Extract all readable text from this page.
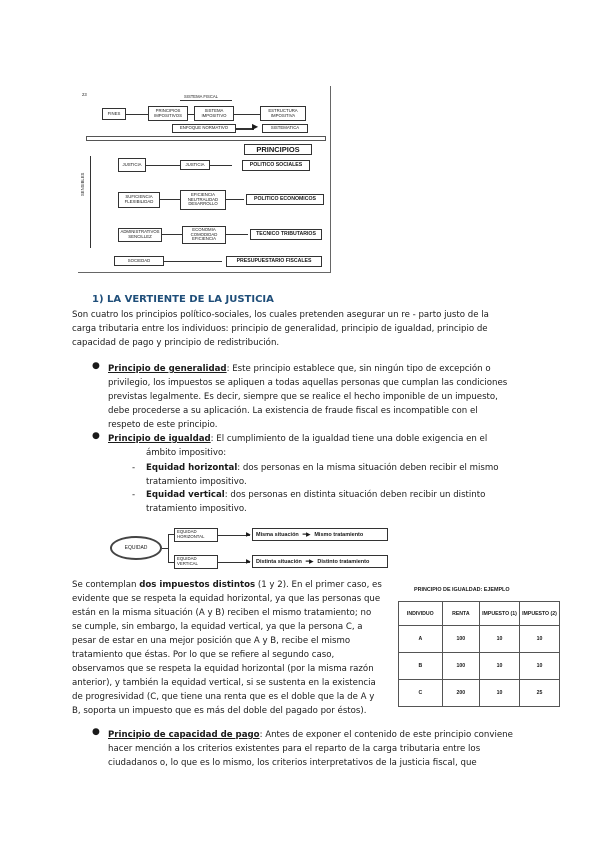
23	SISTEMA FISCAL
FINES
PRINCIPIOS IMPOSITIVOS
SISTEMA IMPOSITIVO
ESTRUCTURA IMPOSITIVA
ENFOQUE NORMATIVO	▶	SISTEMATICA
PRINCIPIOS
SENSIBLES
JUSTICIA	JUSTICIA	POLITICO SOCIALES
SUFICIENCIA FLEXIBILIDAD
EFICIENCIA NEUTRALIDAD DESARROLLO
POLITICO ECONOMICOS
ADMINISTRATIVOS SENCILLEZ
ECONOMIA COMODIDAD EFICIENCIA
TECNICO TRIBUTARIOS
SOCIEDAD	PRESUPUESTARIO FISCALES
1) LA VERTIENTE DE LA JUSTICIA
Son cuatro los principios político-sociales, los cuales pretenden asegurar un re - parto justo de la
carga tributaria entre los individuos: principio de generalidad, principio de igualdad, principio de
capacidad de pago y principio de redistribución.
● Principio de generalidad: Este principio establece que, sin ningún tipo de excepción o
privilegio, los impuestos se apliquen a todas aquellas personas que cumplan las condiciones
previstas legalmente. Es decir, siempre que se realice el hecho imponible de un impuesto,
debe procederse a su aplicación. La existencia de fraude fiscal es incompatible con el
respeto de este principio.
● Principio de igualdad: El cumplimiento de la igualdad tiene una doble exigencia en el
ámbito impositivo:
- Equidad horizontal: dos personas en la misma situación deben recibir el mismo
tratamiento impositivo.
- Equidad vertical: dos personas en distinta situación deben recibir un distinto
tratamiento impositivo.
EQUIDAD
EQUIDAD HORIZONTAL
EQUIDAD VERTICAL
▶
▶
Misma situación ━▶ Mismo tratamiento
Distinta situación ━▶ Distinto tratamiento
Se contemplan dos impuestos distintos (1 y 2). En el primer caso, es
evidente que se respeta la equidad horizontal, ya que las personas que
están en la misma situación (A y B) reciben el mismo tratamiento; no
se cumple, sin embargo, la equidad vertical, ya que la persona C, a
pesar de estar en una mejor posición que A y B, recibe el mismo
tratamiento que éstas. Por lo que se refiere al segundo caso,
observamos que se respeta la equidad horizontal (por la misma razón
anterior), y también la equidad vertical, si se sustenta en la existencia
de progresividad (C, que tiene una renta que es el doble que la de A y
B, soporta un impuesto que es más del doble del pagado por éstos).
PRINCIPIO DE IGUALDAD: EJEMPLO
INDIVIDUO	RENTA	IMPUESTO (1)	IMPUESTO (2)
A	100	10	10
B	100	10	10
C	200	10	25
● Principio de capacidad de pago: Antes de exponer el contenido de este principio conviene
hacer mención a los criterios existentes para el reparto de la carga tributaria entre los
ciudadanos o, lo que es lo mismo, los criterios interpretativos de la justicia fiscal, que
